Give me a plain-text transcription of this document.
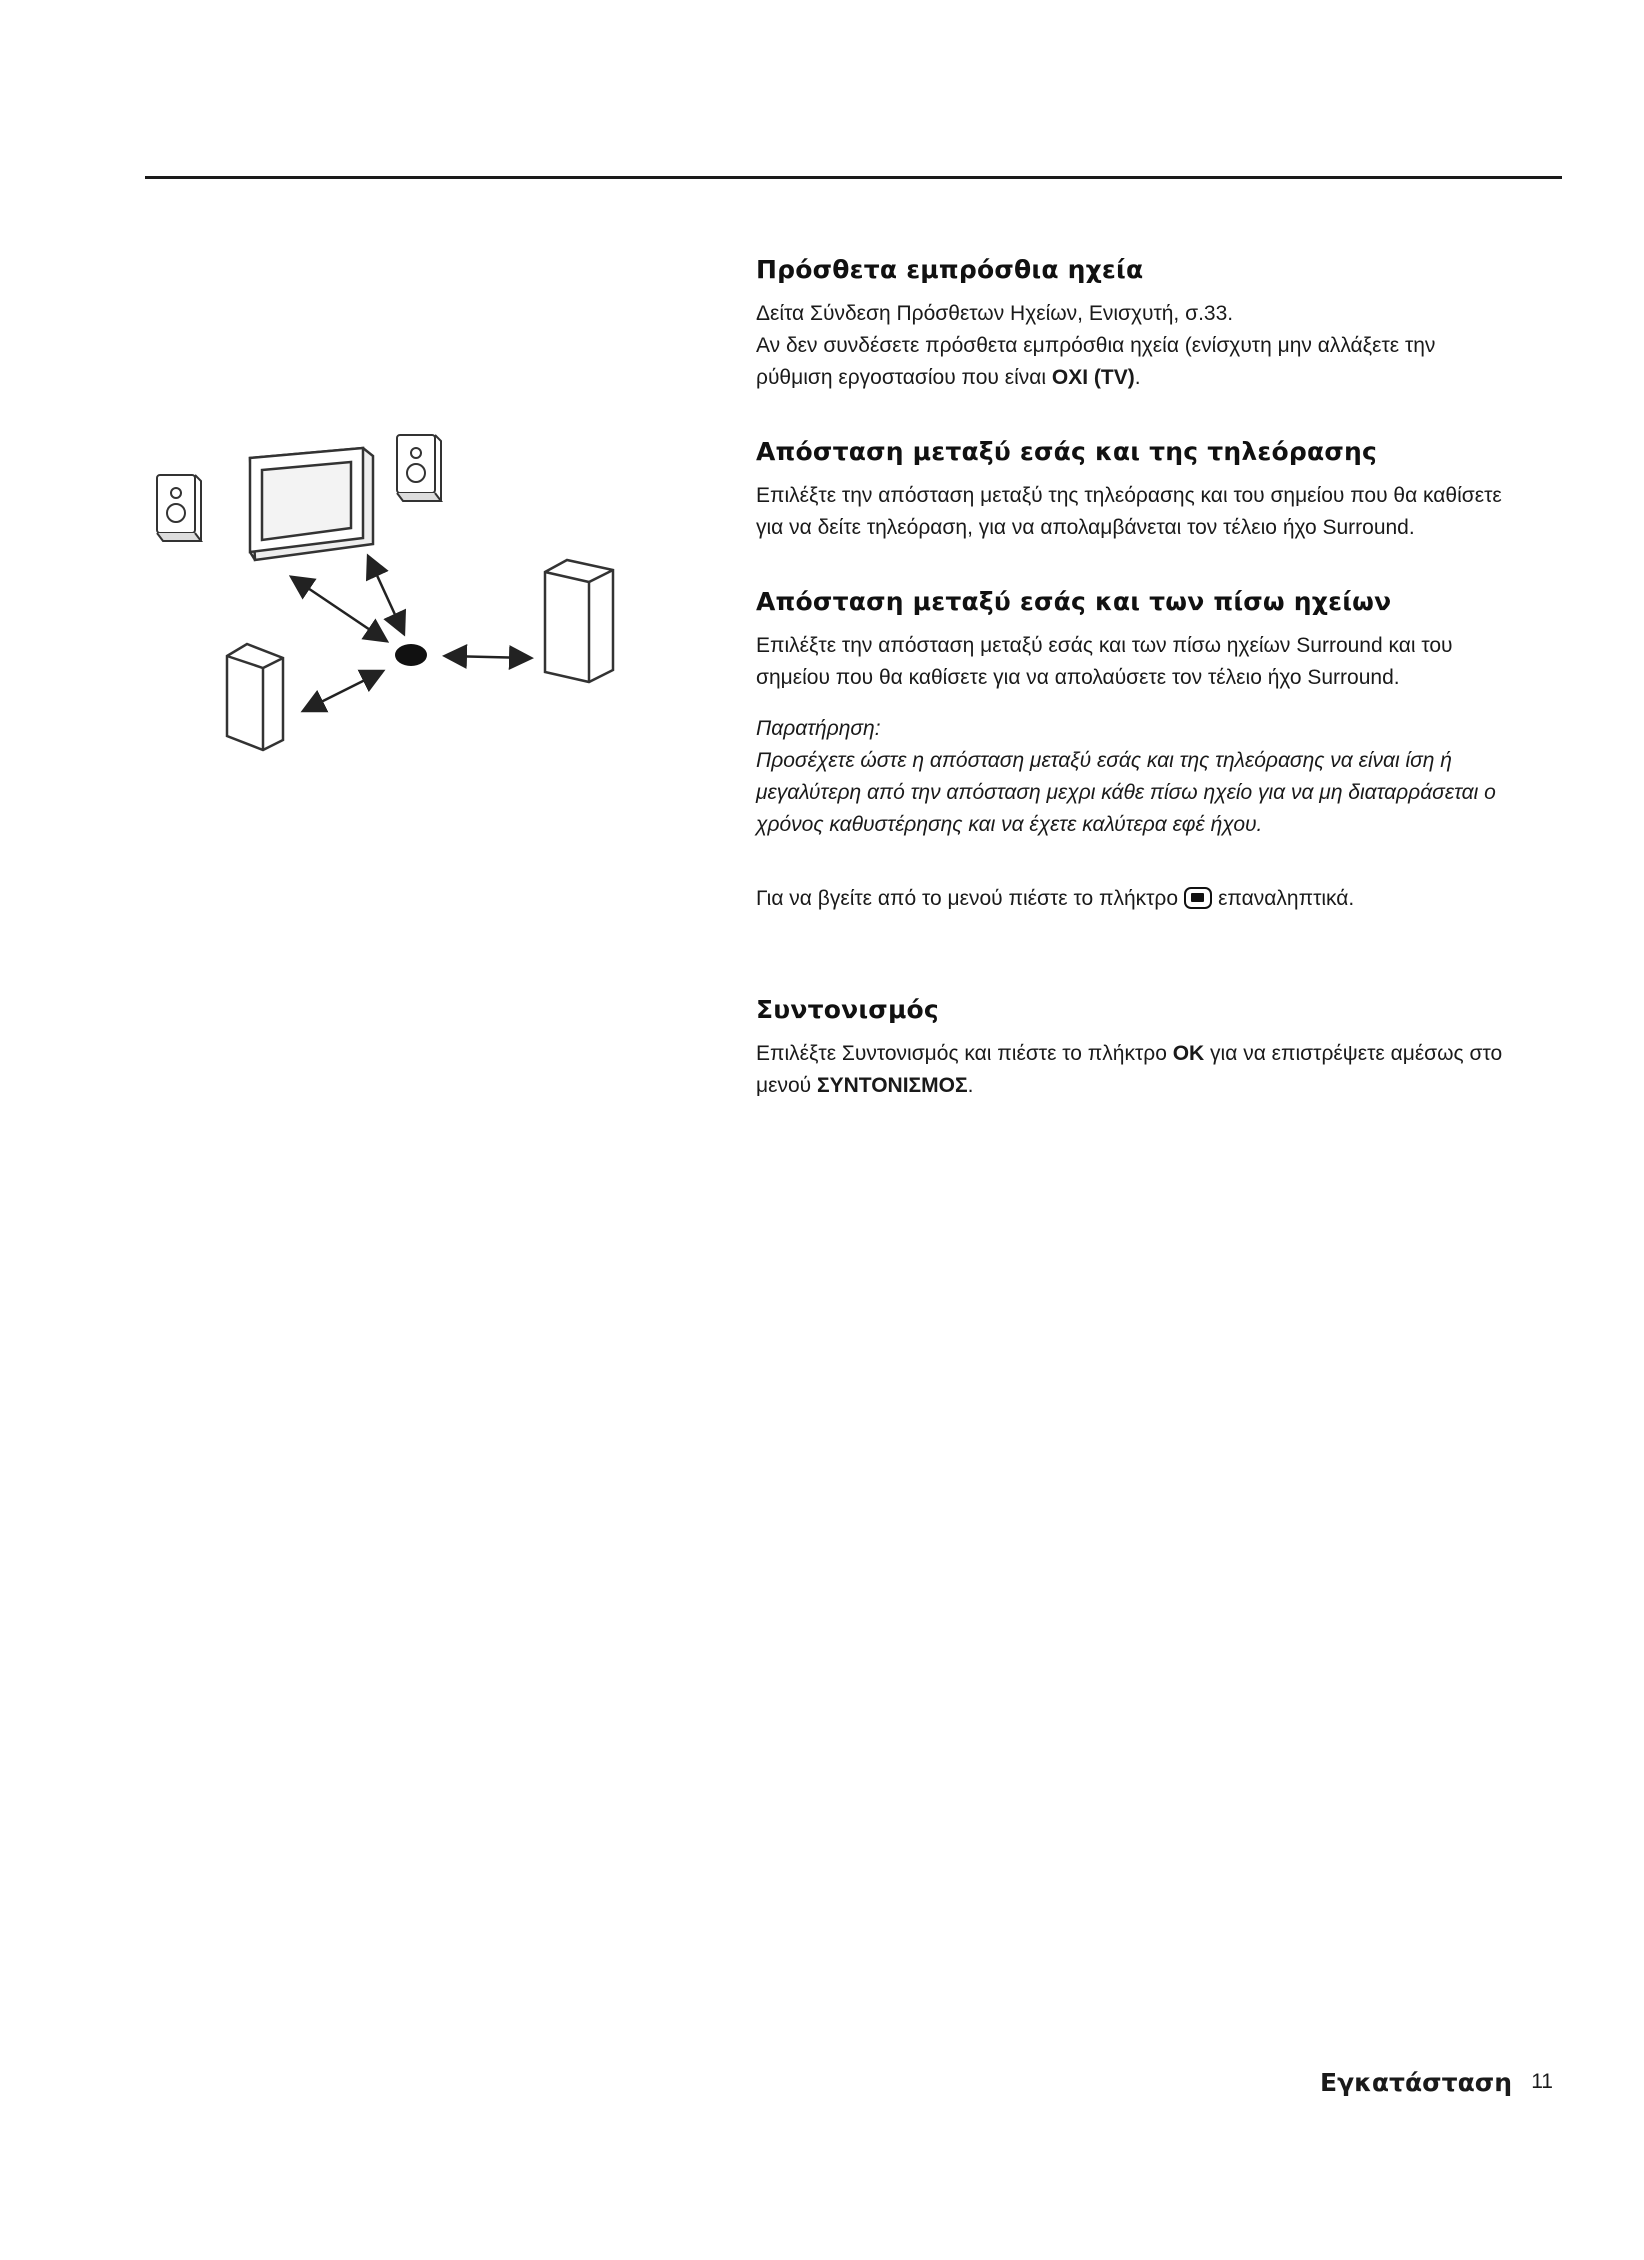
Πρόσθετα εμπρόσθια ηχεία

Δείτα Σύνδεση Πρόσθετων Ηχείων, Ενισχυτή, σ.33.

Αν δεν συνδέσετε πρόσθετα εμπρόσθια ηχεία (ενίσχυτη μην αλλάξετε την

ρύθμιση εργοστασίου που είναι OXI (TV).

Απόσταση μεταξύ εσάς και της τηλεόρασης

Επιλέξτε την απόσταση μεταξύ της τηλεόρασης και του σημείου που θα καθίσετε

για να δείτε τηλεόραση, για να απολαμβάνεται τον τέλειο ήχο Surround.

Απόσταση μεταξύ εσάς και των πίσω ηχείων

Επιλέξτε την απόσταση μεταξύ εσάς και των πίσω ηχείων Surround και του

σημείου που θα καθίσετε για να απολαύσετε τον τέλειο ήχο Surround.

Παρατήρηση:

Προσέχετε ώστε η απόσταση μεταξύ εσάς και της τηλεόρασης να είναι ίση ή

μεγαλύτερη από την απόσταση μεχρι κάθε πίσω ηχείο για να μη διαταρράσεται ο

χρόνος καθυστέρησης και να έχετε καλύτερα εφέ ήχου.

Για να βγείτε από το μενού πιέστε το πλήκτρο επαναληπτικά.

Συντονισμός

Επιλέξτε Συντονισμός και πιέστε το πλήκτρο OK για να επιστρέψετε αμέσως στο

μενού ΣΥΝΤΟΝΙΣΜΟΣ.

Εγκατάσταση 11
